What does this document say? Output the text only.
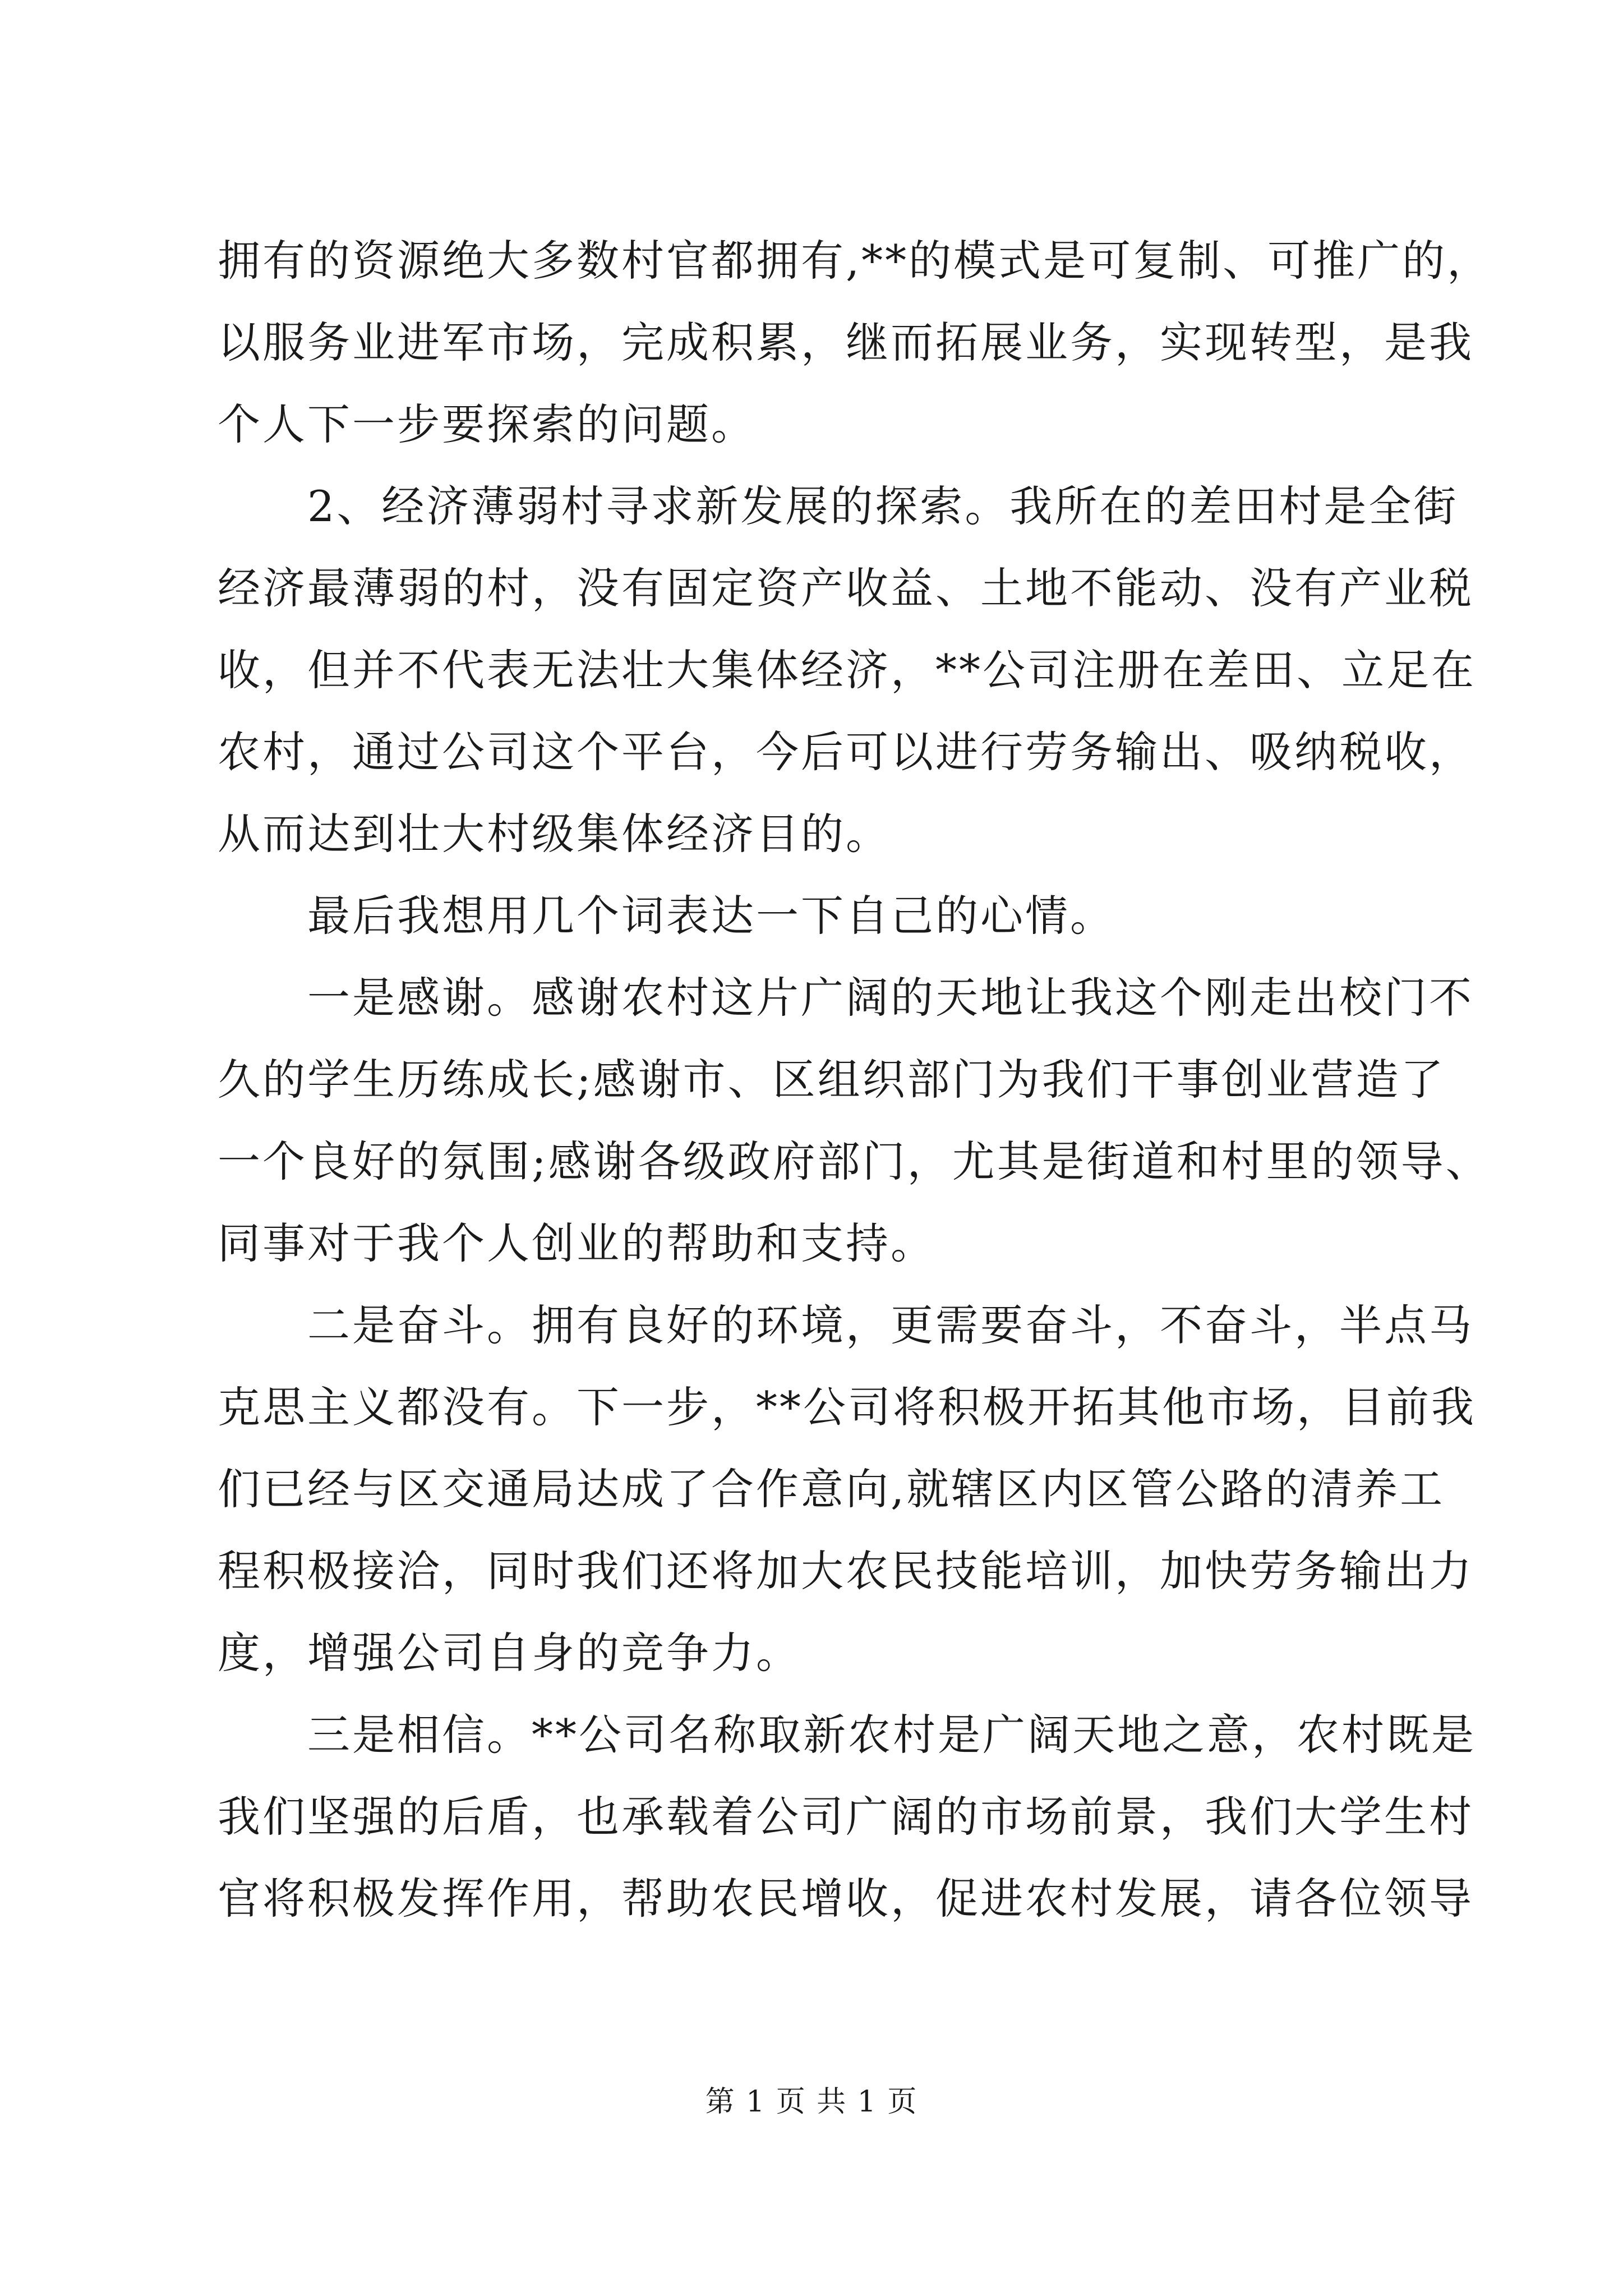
拥有的资源绝大多数村官都拥有,**的模式是可复制、可推广的，
以服务业进军市场，完成积累，继而拓展业务，实现转型，是我
个人下一步要探索的问题。
　　2、经济薄弱村寻求新发展的探索。我所在的差田村是全街
经济最薄弱的村，没有固定资产收益、土地不能动、没有产业税
收，但并不代表无法壮大集体经济，**公司注册在差田、立足在
农村，通过公司这个平台，今后可以进行劳务输出、吸纳税收，
从而达到壮大村级集体经济目的。
　　最后我想用几个词表达一下自己的心情。
　　一是感谢。感谢农村这片广阔的天地让我这个刚走出校门不
久的学生历练成长;感谢市、区组织部门为我们干事创业营造了
一个良好的氛围;感谢各级政府部门，尤其是街道和村里的领导、
同事对于我个人创业的帮助和支持。
　　二是奋斗。拥有良好的环境，更需要奋斗，不奋斗，半点马
克思主义都没有。下一步，**公司将积极开拓其他市场，目前我
们已经与区交通局达成了合作意向,就辖区内区管公路的清养工
程积极接洽，同时我们还将加大农民技能培训，加快劳务输出力
度，增强公司自身的竞争力。
　　三是相信。**公司名称取新农村是广阔天地之意，农村既是
我们坚强的后盾，也承载着公司广阔的市场前景，我们大学生村
官将积极发挥作用，帮助农民增收，促进农村发展，请各位领导
第 1 页 共 1 页
